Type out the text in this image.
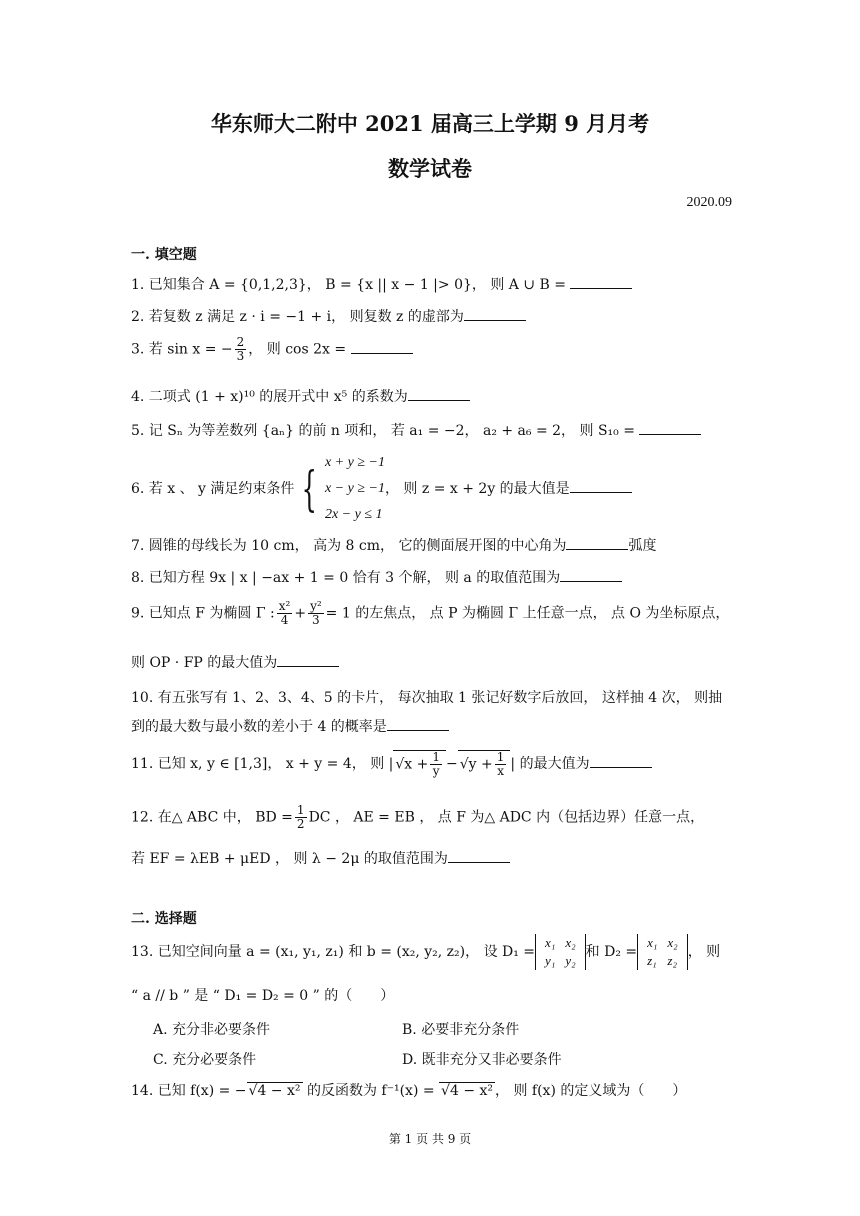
华东师大二附中 2021 届高三上学期 9 月月考
数学试卷
2020.09
一. 填空题
1. 已知集合 A = {0,1,2,3}， B = {x || x − 1 |> 0}， 则 A ∪ B =
2. 若复数 z 满足 z · i = −1 + i， 则复数 z 的虚部为
3. 若 sin x = − $\frac{2}{3}$ ， 则 cos 2x =
4. 二项式 (1 + x)¹⁰ 的展开式中 x⁵ 的系数为
5. 记 Sₙ 为等差数列 {aₙ} 的前 n 项和， 若 a₁ = −2， a₂ + a₆ = 2， 则 S₁₀ =
6. 若 x 、 y 满足约束条件 { x + y ≥ −1
x − y ≥ −1
2x − y ≤ 1
， 则 z = x + 2y 的最大值是
7. 圆锥的母线长为 10 cm， 高为 8 cm， 它的侧面展开图的中心角为	弧度
8. 已知方程 9x | x | −ax + 1 = 0 恰有 3 个解， 则 a 的取值范围为
9. 已知点 F 为椭圆 Γ : $\frac{\text{x²}}{4} + \frac{\text{y²}}{3} = 1$ 的左焦点， 点 P 为椭圆 Γ 上任意一点， 点 O 为坐标原点，
则 OP · FP 的最大值为
10. 有五张写有 1、2、3、4、5 的卡片， 每次抽取 1 张记好数字后放回， 这样抽 4 次， 则抽
到的最大数与最小数的差小于 4 的概率是
11. 已知 x, y ∈ [1,3]， x + y = 4， 则 | $√x + \frac{1}{y} - √y + \frac{1}{x}$ | 的最大值为
12. 在△ ABC 中， BD = $\frac{1}{2}$ DC ， AE = EB ， 点 F 为△ ADC 内（包括边界）任意一点，
若 EF = λEB + μED ， 则 λ − 2μ 的取值范围为
二. 选择题
13. 已知空间向量 a = (x₁, y₁, z₁) 和 b = (x₂, y₂, z₂)， 设 D₁ =
x₁	x₂
y₁	y₂
和 D₂ =
x₁	x₂
z₁	z₂
， 则
“ a // b ” 是 “ D₁ = D₂ = 0 ” 的（　　）
A. 充分非必要条件	B. 必要非充分条件
C. 充分必要条件	D. 既非充分又非必要条件
14. 已知 f(x) = − √4 − x² 的反函数为 f⁻¹(x) = √4 − x² ， 则 f(x) 的定义域为（　　）
第 1 页 共 9 页
